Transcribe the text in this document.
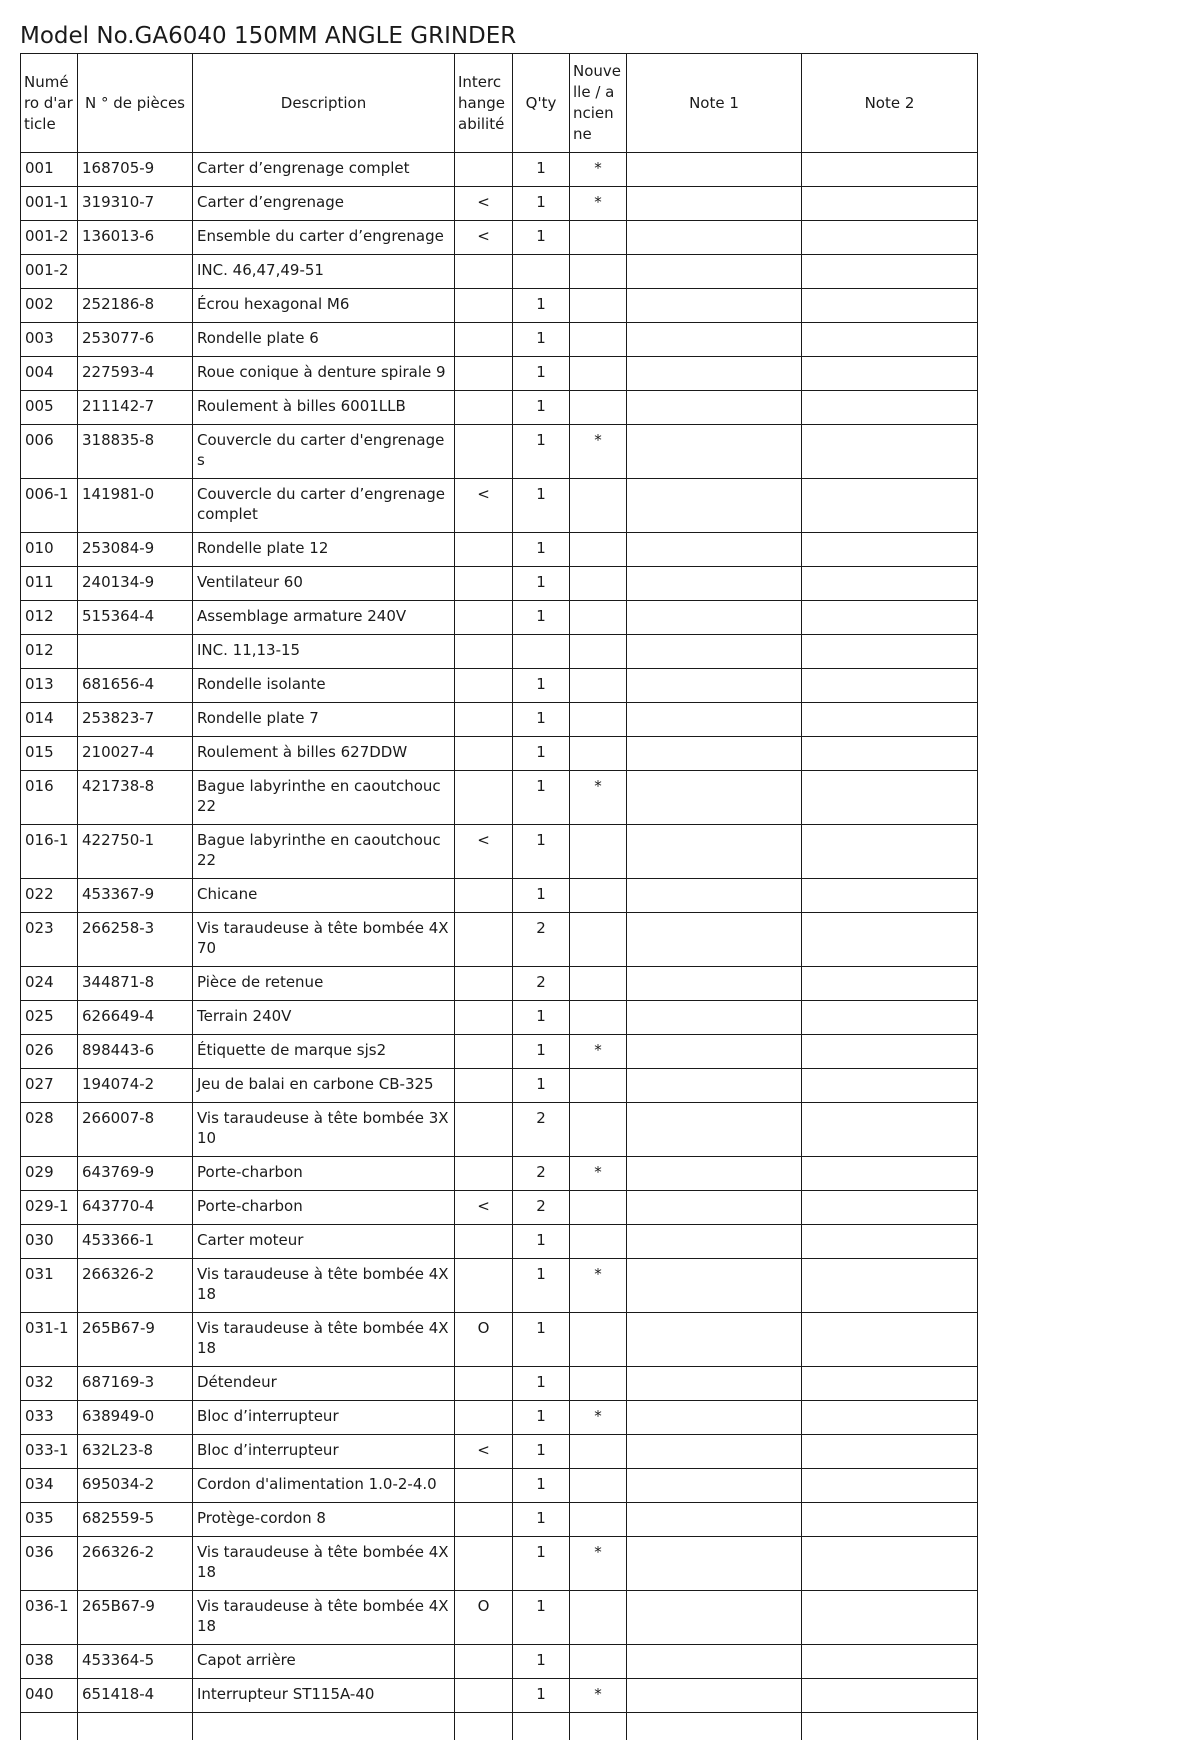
Model No.GA6040 150MM ANGLE GRINDER
Numéro d'article	N ° de pièces	Description	Interchangeabilité	Q'ty	Nouvelle / ancienne	Note 1	Note 2
001	168705-9	Carter d’engrenage complet		1	*		
001-1	319310-7	Carter d’engrenage	<	1	*		
001-2	136013-6	Ensemble du carter d’engrenage	<	1			
001-2		INC. 46,47,49-51					
002	252186-8	Écrou hexagonal M6		1			
003	253077-6	Rondelle plate 6		1			
004	227593-4	Roue conique à denture spirale 9		1			
005	211142-7	Roulement à billes 6001LLB		1			
006	318835-8	Couvercle du carter d'engrenage s		1	*		
006-1	141981-0	Couvercle du carter d’engrenage complet	<	1			
010	253084-9	Rondelle plate 12		1			
011	240134-9	Ventilateur 60		1			
012	515364-4	Assemblage armature 240V		1			
012		INC. 11,13-15					
013	681656-4	Rondelle isolante		1			
014	253823-7	Rondelle plate 7		1			
015	210027-4	Roulement à billes 627DDW		1			
016	421738-8	Bague labyrinthe en caoutchouc 22		1	*		
016-1	422750-1	Bague labyrinthe en caoutchouc 22	<	1			
022	453367-9	Chicane		1			
023	266258-3	Vis taraudeuse à tête bombée 4X 70		2			
024	344871-8	Pièce de retenue		2			
025	626649-4	Terrain 240V		1			
026	898443-6	Étiquette de marque sjs2		1	*		
027	194074-2	Jeu de balai en carbone CB-325		1			
028	266007-8	Vis taraudeuse à tête bombée 3X 10		2			
029	643769-9	Porte-charbon		2	*		
029-1	643770-4	Porte-charbon	<	2			
030	453366-1	Carter moteur		1			
031	266326-2	Vis taraudeuse à tête bombée 4X 18		1	*		
031-1	265B67-9	Vis taraudeuse à tête bombée 4X 18	O	1			
032	687169-3	Détendeur		1			
033	638949-0	Bloc d’interrupteur		1	*		
033-1	632L23-8	Bloc d’interrupteur	<	1			
034	695034-2	Cordon d'alimentation 1.0-2-4.0		1			
035	682559-5	Protège-cordon 8		1			
036	266326-2	Vis taraudeuse à tête bombée 4X 18		1	*		
036-1	265B67-9	Vis taraudeuse à tête bombée 4X 18	O	1			
038	453364-5	Capot arrière		1			
040	651418-4	Interrupteur ST115A-40		1	*		
